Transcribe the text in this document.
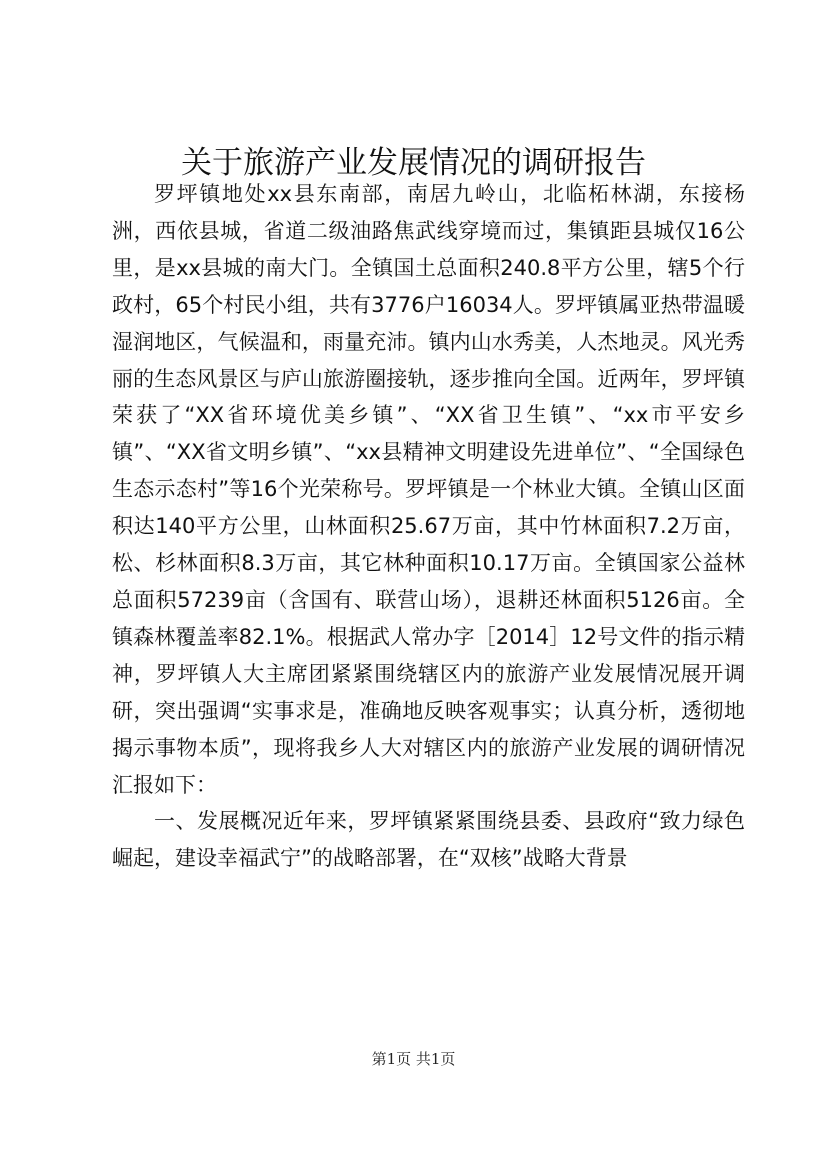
关于旅游产业发展情况的调研报告

罗坪镇地处xx县东南部，南居九岭山，北临柘林湖，东接杨洲，西依县城，省道二级油路焦武线穿境而过，集镇距县城仅16公里，是xx县城的南大门。全镇国土总面积240.8平方公里，辖5个行政村，65个村民小组，共有3776户16034人。罗坪镇属亚热带温暖湿润地区，气候温和，雨量充沛。镇内山水秀美，人杰地灵。风光秀丽的生态风景区与庐山旅游圈接轨，逐步推向全国。近两年，罗坪镇荣获了“XX省环境优美乡镇”、“XX省卫生镇”、“xx市平安乡镇”、“XX省文明乡镇”、“xx县精神文明建设先进单位”、“全国绿色生态示态村”等16个光荣称号。罗坪镇是一个林业大镇。全镇山区面积达140平方公里，山林面积25.67万亩，其中竹林面积7.2万亩，松、杉林面积8.3万亩，其它林种面积10.17万亩。全镇国家公益林总面积57239亩（含国有、联营山场），退耕还林面积5126亩。全镇森林覆盖率82.1%。根据武人常办字［2014］12号文件的指示精神，罗坪镇人大主席团紧紧围绕辖区内的旅游产业发展情况展开调研，突出强调“实事求是，准确地反映客观事实；认真分析，透彻地揭示事物本质”，现将我乡人大对辖区内的旅游产业发展的调研情况汇报如下：

一、发展概况近年来，罗坪镇紧紧围绕县委、县政府“致力绿色崛起，建设幸福武宁”的战略部署，在“双核”战略大背景

第1页 共1页
